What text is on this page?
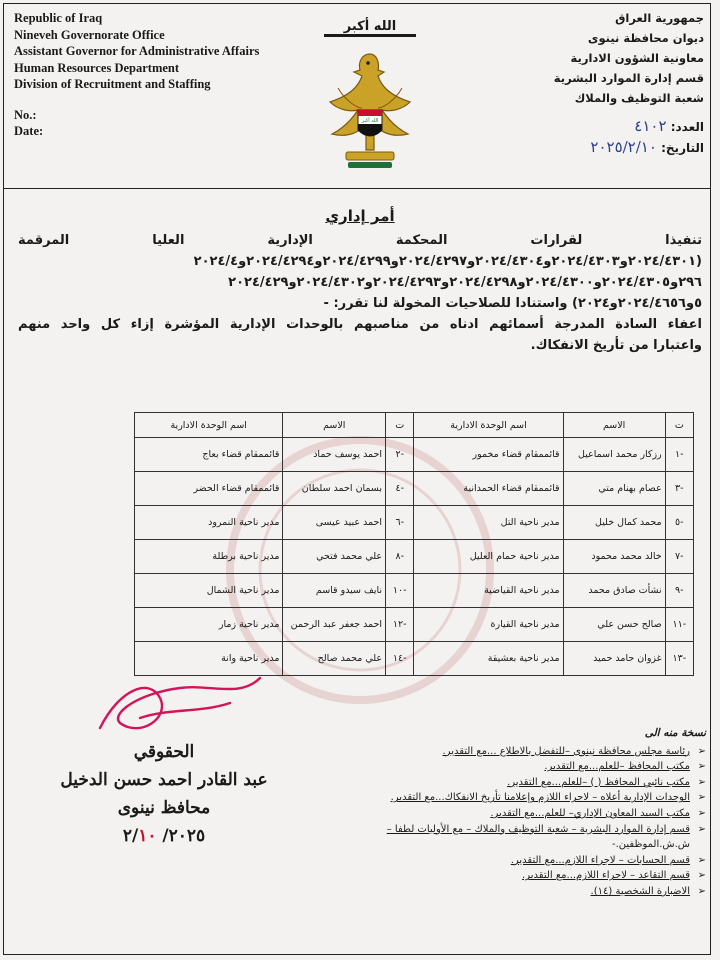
Republic of Iraq
Nineveh Governorate Office
Assistant Governor for Administrative Affairs
Human Resources Department
Division of Recruitment and Staffing
No.:
Date:
الله أكبر
الله أكبر
جمهورية العراق
ديوان محافظة نينوى
معاونية الشؤون الادارية
قسم إدارة الموارد البشرية
شعبة التوظيف والملاك
العدد: ٤١٠٢
التاريخ: ٢٠٢٥/٢/١٠
أمر إداري

تنفيذا لقرارات المحكمة الإدارية العليا المرقمة

(٢٠٢٤/٤٣٠١و٢٠٢٤/٤٣٠٣و٢٠٢٤/٤٣٠٤و٢٠٢٤/٤٢٩٧و٢٠٢٤/٤٢٩٩و٢٠٢٤/٤٢٩٤و٢٠٢٤/٤

٢٩٦و٢٠٢٤/٤٣٠٥و٢٠٢٤/٤٣٠٠و٢٠٢٤/٤٢٩٨و٢٠٢٤/٤٢٩٣و٢٠٢٤/٤٣٠٢و٢٠٢٤/٤٢٩

٥و٢٠٢٤/٤٦٥٦و٢٠٢٤) واستنادا للصلاحيات المخولة لنا تقرر: -

اعفاء السادة المدرجة أسمائهم ادناه من مناصبهم بالوحدات الإدارية المؤشرة إزاء كل واحد منهم

واعتبارا من تأريخ الانفكاك.

ت	الاسم	اسم الوحدة الادارية	ت	الاسم	اسم الوحدة الادارية
-١	رزكار محمد اسماعيل	قائممقام قضاء مخمور	-٢	احمد يوسف حماد	قائممقام قضاء بعاج
-٣	عصام بهنام متي	قائممقام قضاء الحمدانية	-٤	بسمان احمد سلطان	قائممقام قضاء الحضر
-٥	محمد كمال خليل	مدير ناحية التل	-٦	احمد عبيد عيسى	مدير ناحية النمرود
-٧	خالد محمد محمود	مدير ناحية حمام العليل	-٨	علي محمد فتحي	مدير ناحية برطلة
-٩	نشأت صادق محمد	مدير ناحية القياضية	-١٠	نايف سيدو قاسم	مدير ناحية الشمال
-١١	صالح حسن علي	مدير ناحية القيارة	-١٢	احمد جعفر عبد الرحمن	مدير ناحية زمار
-١٣	غزوان حامد حميد	مدير ناحية بعشيقة	-١٤	علي محمد صالح	مدير ناحية وانة
الحقوقي
عبد القادر احمد حسن الدخيل
محافظ نينوى
٢٠٢٥/ ٢/١٠
نسخة منه الى
➢ رئاسة مجلس محافظة نينوى –للتفضل بالاطلاع ...مع التقدير.
➢ مكتب المحافظ –للعلم...مع التقدير.
➢ مكتب نائبي المحافظ ( ) –للعلم...مع التقدير.
➢ الوحدات الإدارية أعلاه – لاجراء اللازم وإعلامنا تأريخ الانفكاك...مع التقدير.
➢ مكتب السيد المعاون الإداري– للعلم...مع التقدير.
➢ قسم إدارة الموارد البشرية – شعبة التوظيف والملاك – مع الأوليات لطفا –
ش.ش.الموظفين.-
➢ قسم الحسابات – لاجراء اللازم...مع التقدير.
➢ قسم التقاعد – لاجراء اللازم...مع التقدير.
➢ الاضبارة الشخصية (١٤).
